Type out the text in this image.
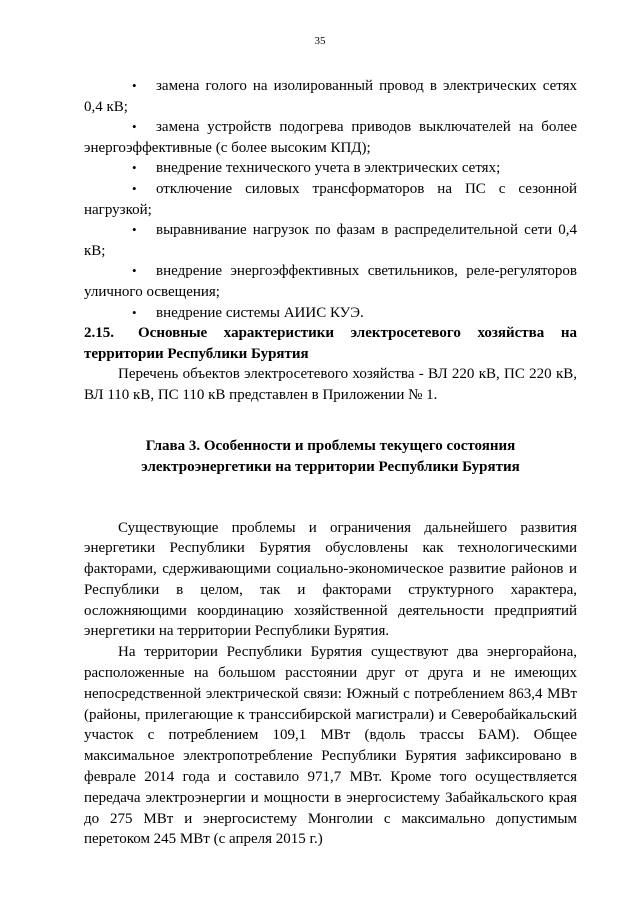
35

• замена голого на изолированный провод в электрических сетях 0,4 кВ;

• замена устройств подогрева приводов выключателей на более энергоэффективные (с более высоким КПД);

• внедрение технического учета в электрических сетях;

• отключение силовых трансформаторов на ПС с сезонной нагрузкой;

• выравнивание нагрузок по фазам в распределительной сети 0,4 кВ;

• внедрение энергоэффективных светильников, реле-регуляторов уличного освещения;

• внедрение системы АИИС КУЭ.

2.15. Основные характеристики электросетевого хозяйства на территории Республики Бурятия

Перечень объектов электросетевого хозяйства - ВЛ 220 кВ, ПС 220 кВ, ВЛ 110 кВ, ПС 110 кВ представлен в Приложении № 1.

Глава 3. Особенности и проблемы текущего состояния
электроэнергетики на территории Республики Бурятия

Существующие проблемы и ограничения дальнейшего развития энергетики Республики Бурятия обусловлены как технологическими факторами, сдерживающими социально-экономическое развитие районов и Республики в целом, так и факторами структурного характера, осложняющими координацию хозяйственной деятельности предприятий энергетики на территории Республики Бурятия.

На территории Республики Бурятия существуют два энергорайона, расположенные на большом расстоянии друг от друга и не имеющих непосредственной электрической связи: Южный с потреблением 863,4 МВт (районы, прилегающие к транссибирской магистрали) и Северобайкальский участок с потреблением 109,1 МВт (вдоль трассы БАМ). Общее максимальное электропотребление Республики Бурятия зафиксировано в феврале 2014 года и составило 971,7 МВт. Кроме того осуществляется передача электроэнергии и мощности в энергосистему Забайкальского края до 275 МВт и энергосистему Монголии с максимально допустимым перетоком 245 МВт (с апреля 2015 г.)
